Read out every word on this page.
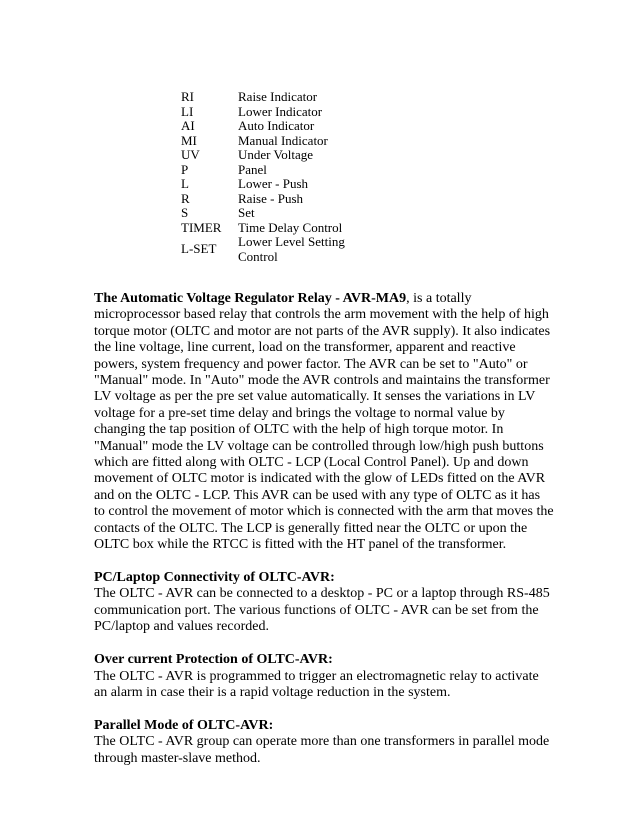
RI	Raise Indicator
LI	Lower Indicator
AI	Auto Indicator
MI	Manual Indicator
UV	Under Voltage
P	Panel
L	Lower - Push
R	Raise - Push
S	Set
TIMER	Time Delay Control
L-SET	Lower Level Setting
Control

The Automatic Voltage Regulator Relay - AVR-MA9, is a totally microprocessor based relay that controls the arm movement with the help of high torque motor (OLTC and motor are not parts of the AVR supply). It also indicates the line voltage, line current, load on the transformer, apparent and reactive powers, system frequency and power factor. The AVR can be set to "Auto" or "Manual" mode. In "Auto" mode the AVR controls and maintains the transformer LV voltage as per the pre set value automatically. It senses the variations in LV voltage for a pre-set time delay and brings the voltage to normal value by changing the tap position of OLTC with the help of high torque motor. In "Manual" mode the LV voltage can be controlled through low/high push buttons which are fitted along with OLTC - LCP (Local Control Panel). Up and down movement of OLTC motor is indicated with the glow of LEDs fitted on the AVR and on the OLTC - LCP. This AVR can be used with any type of OLTC as it has to control the movement of motor which is connected with the arm that moves the contacts of the OLTC. The LCP is generally fitted near the OLTC or upon the OLTC box while the RTCC is fitted with the HT panel of the transformer.

PC/Laptop Connectivity of OLTC-AVR:

The OLTC - AVR can be connected to a desktop - PC or a laptop through RS-485 communication port. The various functions of OLTC - AVR can be set from the PC/laptop and values recorded.

Over current Protection of OLTC-AVR:

The OLTC - AVR is programmed to trigger an electromagnetic relay to activate an alarm in case their is a rapid voltage reduction in the system.

Parallel Mode of OLTC-AVR:

The OLTC - AVR group can operate more than one transformers in parallel mode through master-slave method.
